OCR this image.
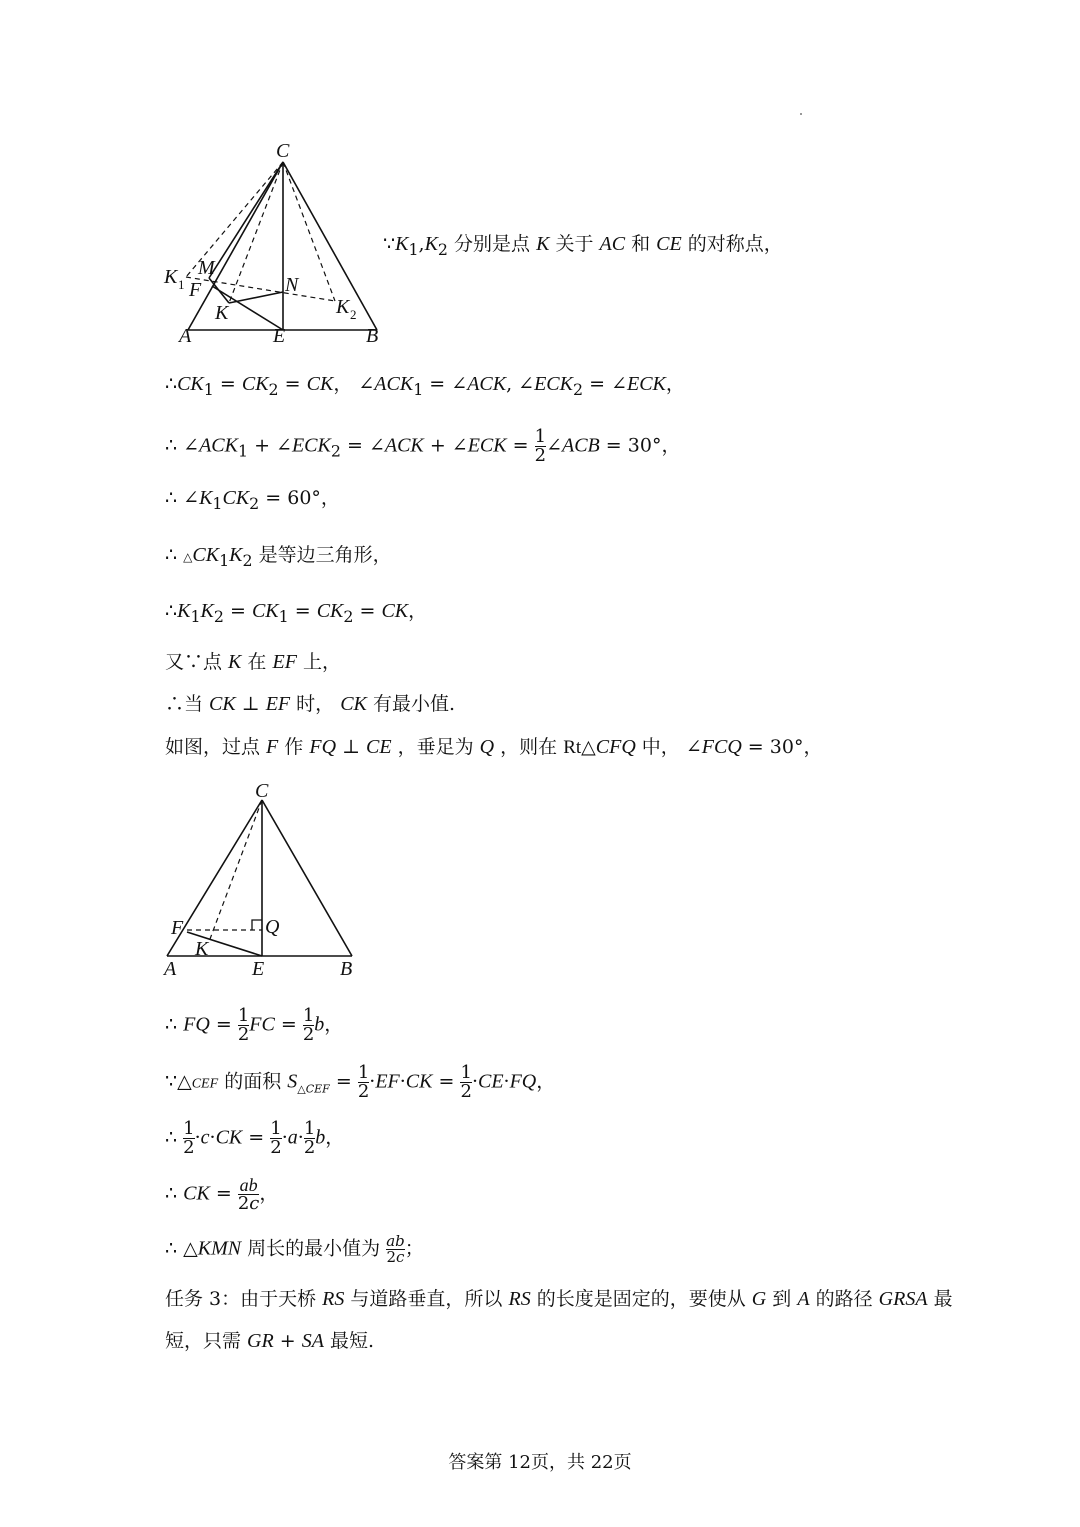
C
K 1
M
F	N
K	K 2
A	E	B

$\because K_1,K_2$ 分别是点 K 关于 AC 和 CE 的对称点，

$\therefore CK_1 = CK_2$ = CK， $\angle ACK_1$ = ∠ACK, $\angle ECK_2$ = ∠ECK，

∴ $\angle ACK_1$ + $\angle ECK_2$ = ∠ACK + ∠ECK = $\frac{1}{2}$ ∠ACB = 30°，

∴ $\angle K_1CK_2 = 60^\circ$，

∴ $\triangle CK_1K_2$ 是等边三角形，

$\therefore K_1K_2 = CK_1 = CK_2$ = CK，

又∵点 K 在 EF 上，

∴当 CK ⊥ EF 时， CK 有最小值.

如图，过点 F 作 FQ ⊥ CE ，垂足为 Q ，则在 Rt△CFQ 中， ∠FCQ = 30°，

C
F	Q
K
A	E	B

∴ FQ = $\frac{1}{2}$ FC = $\frac{1}{2}$ b，

∵△CEF 的面积 $S_{\triangle CEF} = \frac{1}{2} \cdot EF\cdot CK = \frac{1}{2} \cdot CE\cdot FQ$，

∴ $\frac{1}{2} \cdot c\cdot CK = \frac{1}{2} \cdot a\cdot \frac{1}{2}$ b，

∴ CK = $\frac{ab}{2c}$ ，

∴ △KMN 周长的最小值为 $\frac{ab}{2c}$ ；

任务 3：由于天桥 RS 与道路垂直，所以 RS 的长度是固定的，要使从 G 到 A 的路径 GRSA 最

短，只需 GR + SA 最短.

答案第 12页，共 22页
